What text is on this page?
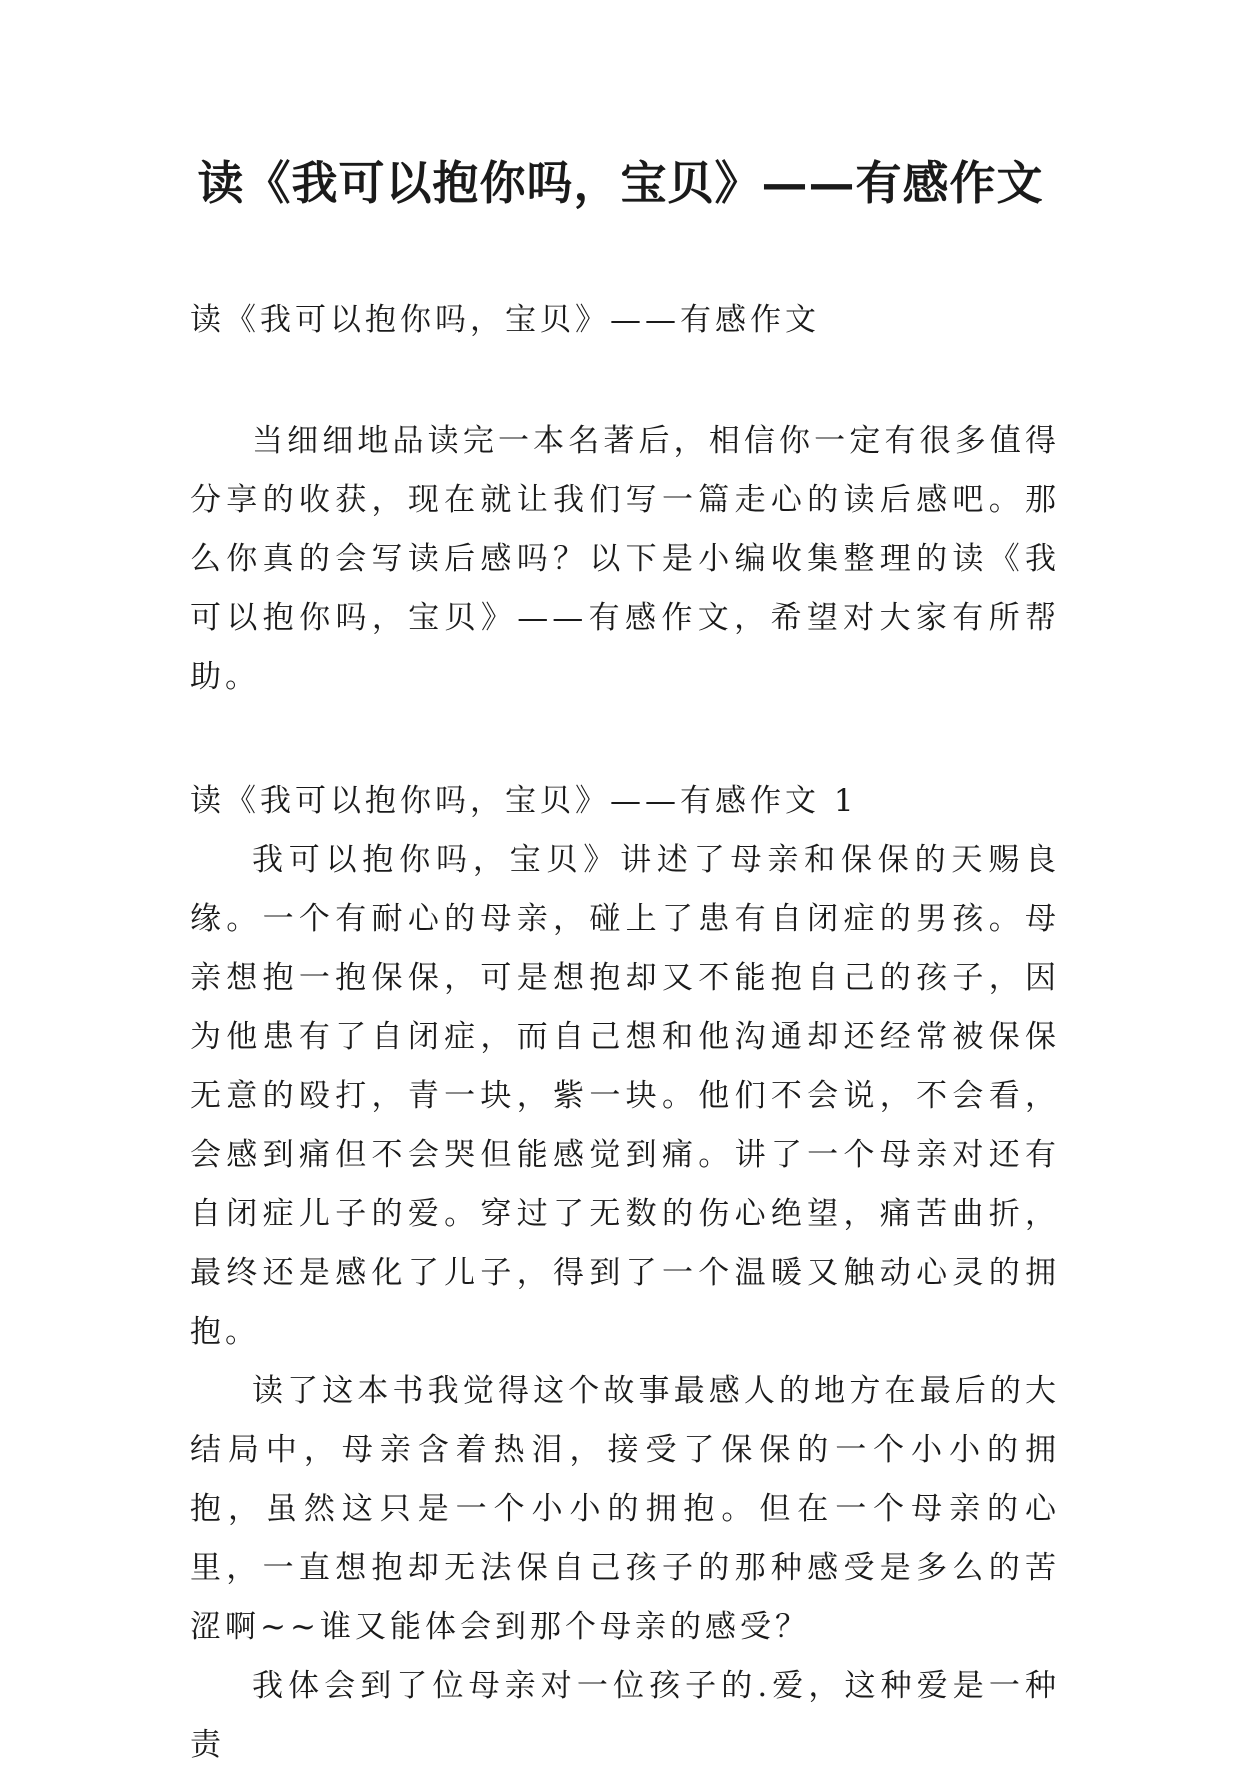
读《我可以抱你吗，宝贝》——有感作文

读《我可以抱你吗，宝贝》——有感作文

当细细地品读完一本名著后，相信你一定有很多值得分享的收获，现在就让我们写一篇走心的读后感吧。那么你真的会写读后感吗？以下是小编收集整理的读《我可以抱你吗，宝贝》——有感作文，希望对大家有所帮助。

读《我可以抱你吗，宝贝》——有感作文 1

我可以抱你吗，宝贝》讲述了母亲和保保的天赐良缘。一个有耐心的母亲，碰上了患有自闭症的男孩。母亲想抱一抱保保，可是想抱却又不能抱自己的孩子，因为他患有了自闭症，而自己想和他沟通却还经常被保保无意的殴打，青一块，紫一块。他们不会说，不会看，会感到痛但不会哭但能感觉到痛。讲了一个母亲对还有自闭症儿子的爱。穿过了无数的伤心绝望，痛苦曲折，最终还是感化了儿子，得到了一个温暖又触动心灵的拥抱。

读了这本书我觉得这个故事最感人的地方在最后的大结局中，母亲含着热泪，接受了保保的一个小小的拥抱，虽然这只是一个小小的拥抱。但在一个母亲的心里，一直想抱却无法保自己孩子的那种感受是多么的苦涩啊~~谁又能体会到那个母亲的感受？

我体会到了位母亲对一位孩子的.爱，这种爱是一种责
